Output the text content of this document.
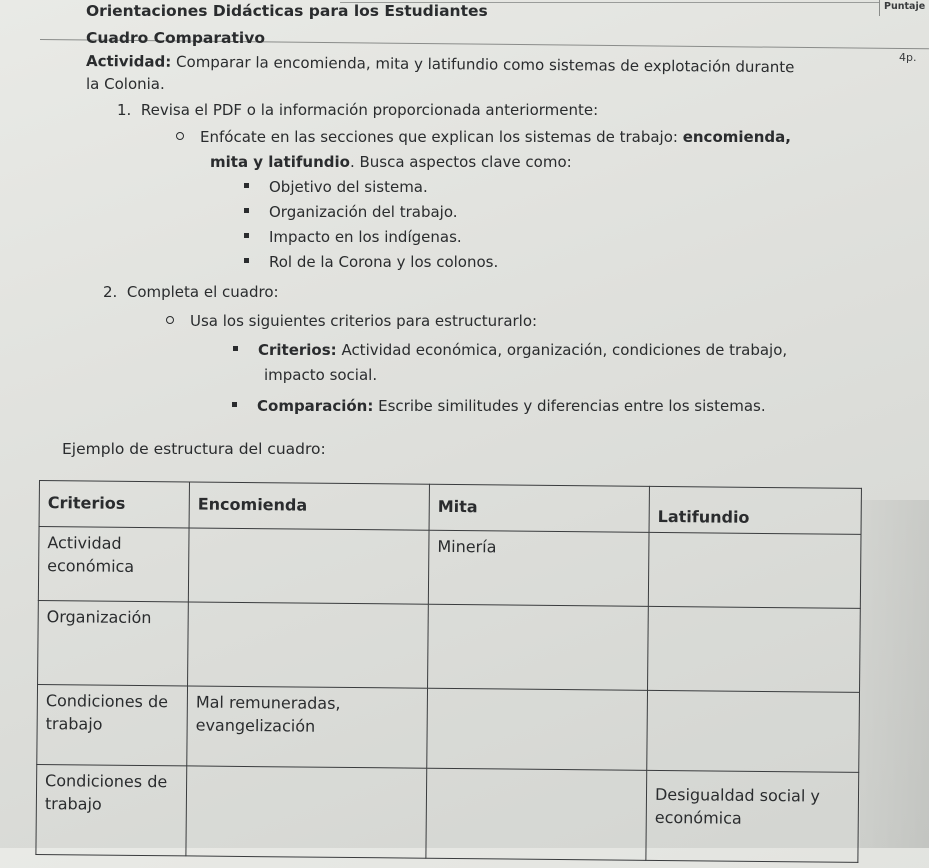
Orientaciones Didácticas para los Estudiantes
Cuadro Comparativo
Puntaje
4p.
Actividad: Comparar la encomienda, mita y latifundio como sistemas de explotación durante
la Colonia.
1. Revisa el PDF o la información proporcionada anteriormente:
Enfócate en las secciones que explican los sistemas de trabajo: encomienda,
mita y latifundio. Busca aspectos clave como:
Objetivo del sistema.
Organización del trabajo.
Impacto en los indígenas.
Rol de la Corona y los colonos.
2. Completa el cuadro:
Usa los siguientes criterios para estructurarlo:
Criterios: Actividad económica, organización, condiciones de trabajo,
impacto social.
Comparación: Escribe similitudes y diferencias entre los sistemas.
Ejemplo de estructura del cuadro:
Criterios	Encomienda	Mita	Latifundio
Actividad económica		Minería	
Organización			
Condiciones de trabajo	Mal remuneradas, evangelización		
Condiciones de trabajo			Desigualdad social y económica
